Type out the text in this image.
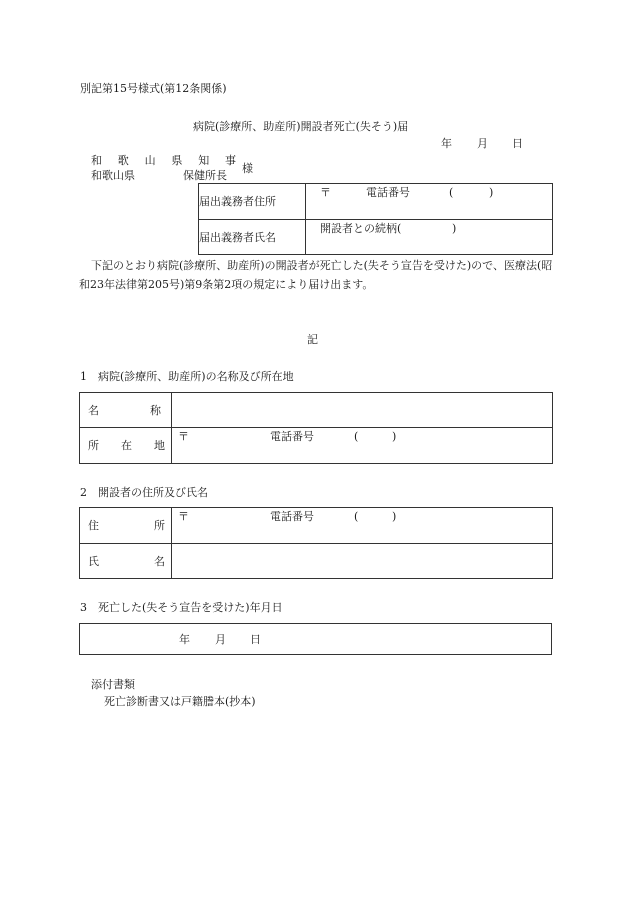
別記第15号様式(第12条関係)
病院(診療所、助産所)開設者死亡(失そう)届
年 月 日
和 歌 山 県 知 事
和歌山県	保健所長
様
届出義務者住所	〒 電話番号 ( )

届出義務者氏名	開設者との続柄( )
下記のとおり病院(診療所、助産所)の開設者が死亡した(失そう宣告を受けた)ので、医療法(昭和23年法律第205号)第9条第2項の規定により届け出ます。
記
1　病院(診療所、助産所)の名称及び所在地
名 称	

所 在 地	〒 電話番号 ( )
2　開設者の住所及び氏名
住 所	〒 電話番号 ( )

氏 名	

3　死亡した(失そう宣告を受けた)年月日
年 月 日
添付書類
死亡診断書又は戸籍謄本(抄本)
